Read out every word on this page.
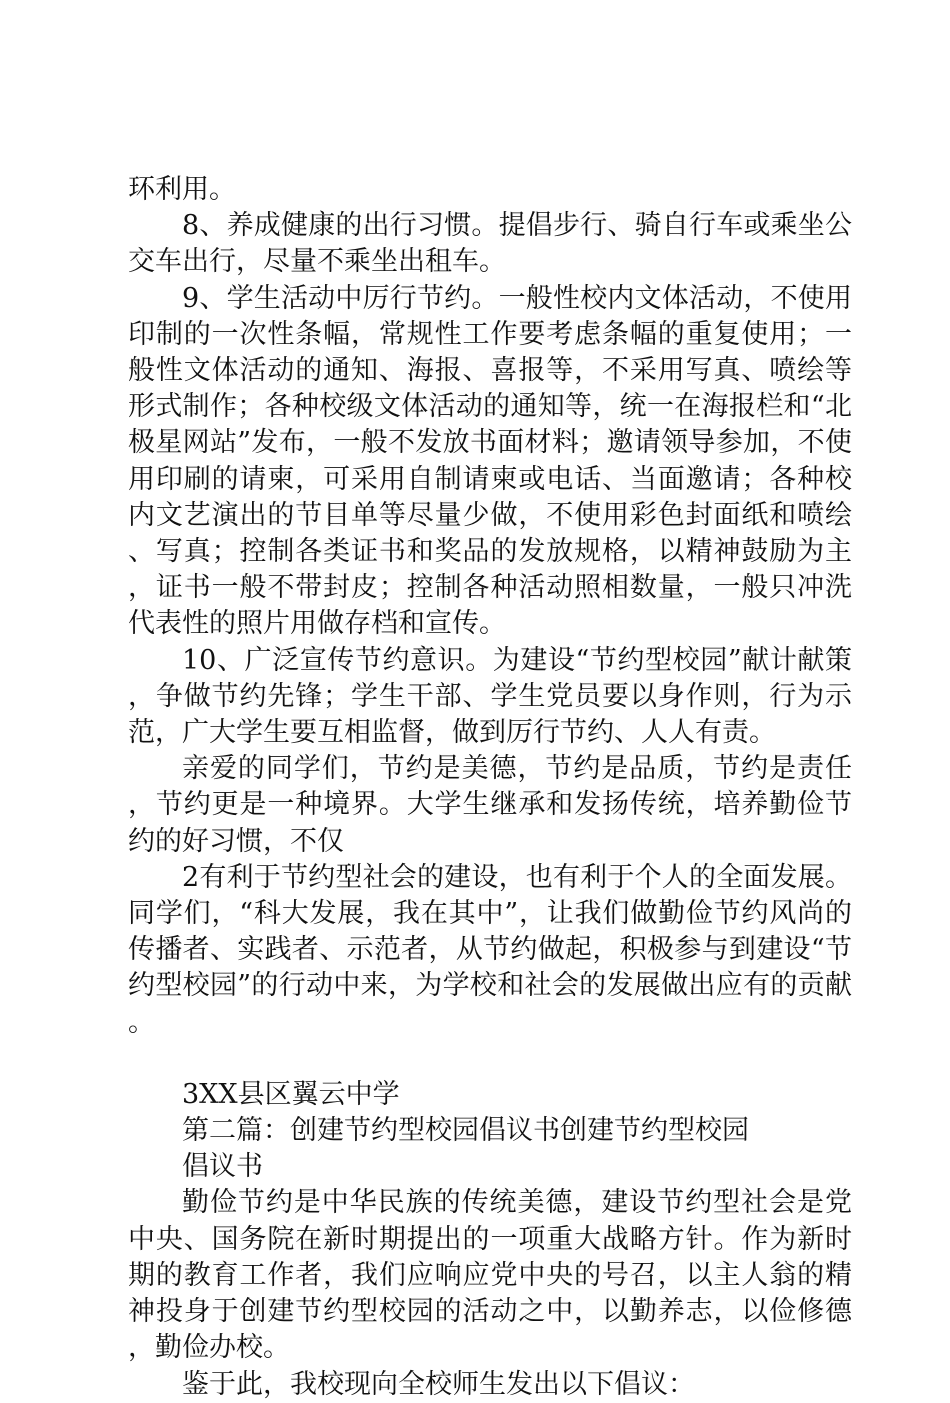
环利用。

8、养成健康的出行习惯。提倡步行、骑自行车或乘坐公交车出行，尽量不乘坐出租车。

9、学生活动中厉行节约。一般性校内文体活动，不使用印制的一次性条幅，常规性工作要考虑条幅的重复使用；一般性文体活动的通知、海报、喜报等，不采用写真、喷绘等形式制作；各种校级文体活动的通知等，统一在海报栏和“北极星网站”发布，一般不发放书面材料；邀请领导参加，不使用印刷的请柬，可采用自制请柬或电话、当面邀请；各种校内文艺演出的节目单等尽量少做，不使用彩色封面纸和喷绘、写真；控制各类证书和奖品的发放规格，以精神鼓励为主，证书一般不带封皮；控制各种活动照相数量，一般只冲洗代表性的照片用做存档和宣传。

10、广泛宣传节约意识。为建设“节约型校园”献计献策，争做节约先锋；学生干部、学生党员要以身作则，行为示范，广大学生要互相监督，做到厉行节约、人人有责。

亲爱的同学们，节约是美德，节约是品质，节约是责任，节约更是一种境界。大学生继承和发扬传统，培养勤俭节约的好习惯，不仅

2有利于节约型社会的建设，也有利于个人的全面发展。同学们，“科大发展，我在其中”，让我们做勤俭节约风尚的传播者、实践者、示范者，从节约做起，积极参与到建设“节约型校园”的行动中来，为学校和社会的发展做出应有的贡献。

3XX县区翼云中学

第二篇：创建节约型校园倡议书创建节约型校园

倡议书

勤俭节约是中华民族的传统美德，建设节约型社会是党中央、国务院在新时期提出的一项重大战略方针。作为新时期的教育工作者，我们应响应党中央的号召，以主人翁的精神投身于创建节约型校园的活动之中，以勤养志，以俭修德，勤俭办校。

鉴于此，我校现向全校师生发出以下倡议：
